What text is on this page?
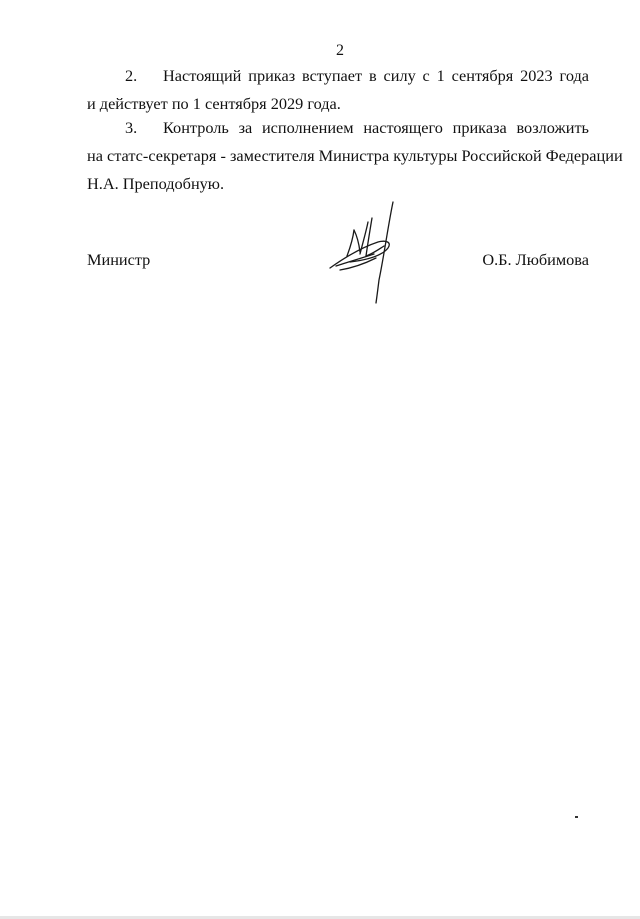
2
2. Настоящий приказ вступает в силу с 1 сентября 2023 года
и действует по 1 сентября 2029 года.
3. Контроль за исполнением настоящего приказа возложить
на статс-секретаря - заместителя Министра культуры Российской Федерации
Н.А. Преподобную.
Министр	О.Б. Любимова
